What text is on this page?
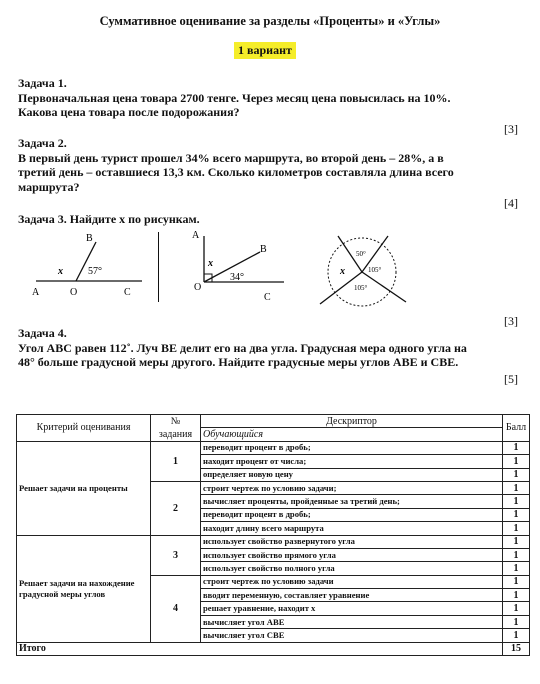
Суммативное оценивание за разделы «Проценты» и «Углы»
1 вариант
Задача 1.
Первоначальная цена товара 2700 тенге. Через месяц цена повысилась на 10%.
Какова цена товара после подорожания?
[3]
Задача 2.
В первый день турист прошел 34% всего маршрута, во второй день – 28%, а в
третий день – оставшиеся 13,3 км. Сколько километров составляла длина всего
маршрута?
[4]
Задача 3. Найдите x по рисункам.
B
A	O	C
x	57°
A
B
O
C
x
34°
50°
105°
105°
x
[3]
Задача 4.
Угол ABC равен 112˚. Луч BE делит его на два угла. Градусная мера одного угла на
48° больше градусной меры другого. Найдите градусные меры углов ABE и CBE.
[5]
Критерий оценивания	№	Дескриптор	Балл
	задания	Обучающийся	
Решает задачи на проценты	1	переводит процент в дробь;	1
		находит процент от числа;	1
		определяет новую цену	1
	2	строит чертеж по условию задачи;	1
		вычисляет проценты, пройденные за третий день;	1
		переводит процент в дробь;	1
		находит длину всего маршрута	1
Решает задачи на нахождение градусной меры углов	3	использует свойство развернутого угла	1
		использует свойство прямого угла	1
		использует свойство полного угла	1
	4	строит чертеж по условию задачи	1
		вводит переменную, составляет уравнение	1
		решает уравнение, находит x	1
		вычисляет угол ABE	1
		вычисляет угол CBE	1
Итого			15
